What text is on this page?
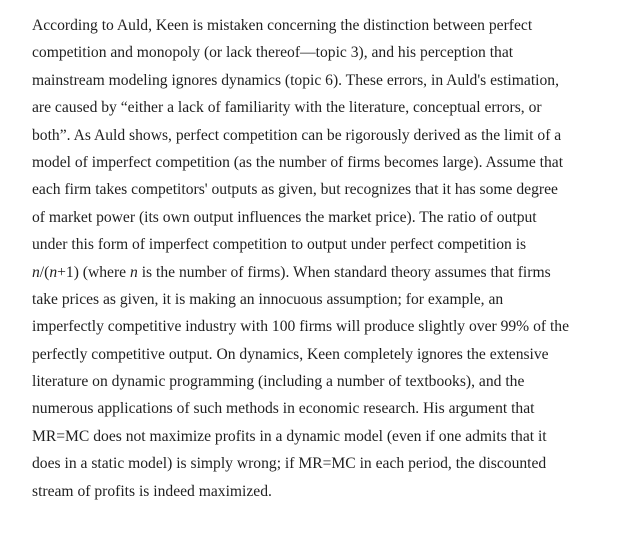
According to Auld, Keen is mistaken concerning the distinction between perfect
competition and monopoly (or lack thereof—topic 3), and his perception that
mainstream modeling ignores dynamics (topic 6). These errors, in Auld's estimation,
are caused by “either a lack of familiarity with the literature, conceptual errors, or
both”. As Auld shows, perfect competition can be rigorously derived as the limit of a
model of imperfect competition (as the number of firms becomes large). Assume that
each firm takes competitors' outputs as given, but recognizes that it has some degree
of market power (its own output influences the market price). The ratio of output
under this form of imperfect competition to output under perfect competition is
n/(n+1) (where n is the number of firms). When standard theory assumes that firms
take prices as given, it is making an innocuous assumption; for example, an
imperfectly competitive industry with 100 firms will produce slightly over 99% of the
perfectly competitive output. On dynamics, Keen completely ignores the extensive
literature on dynamic programming (including a number of textbooks), and the
numerous applications of such methods in economic research. His argument that
MR=MC does not maximize profits in a dynamic model (even if one admits that it
does in a static model) is simply wrong; if MR=MC in each period, the discounted
stream of profits is indeed maximized.
